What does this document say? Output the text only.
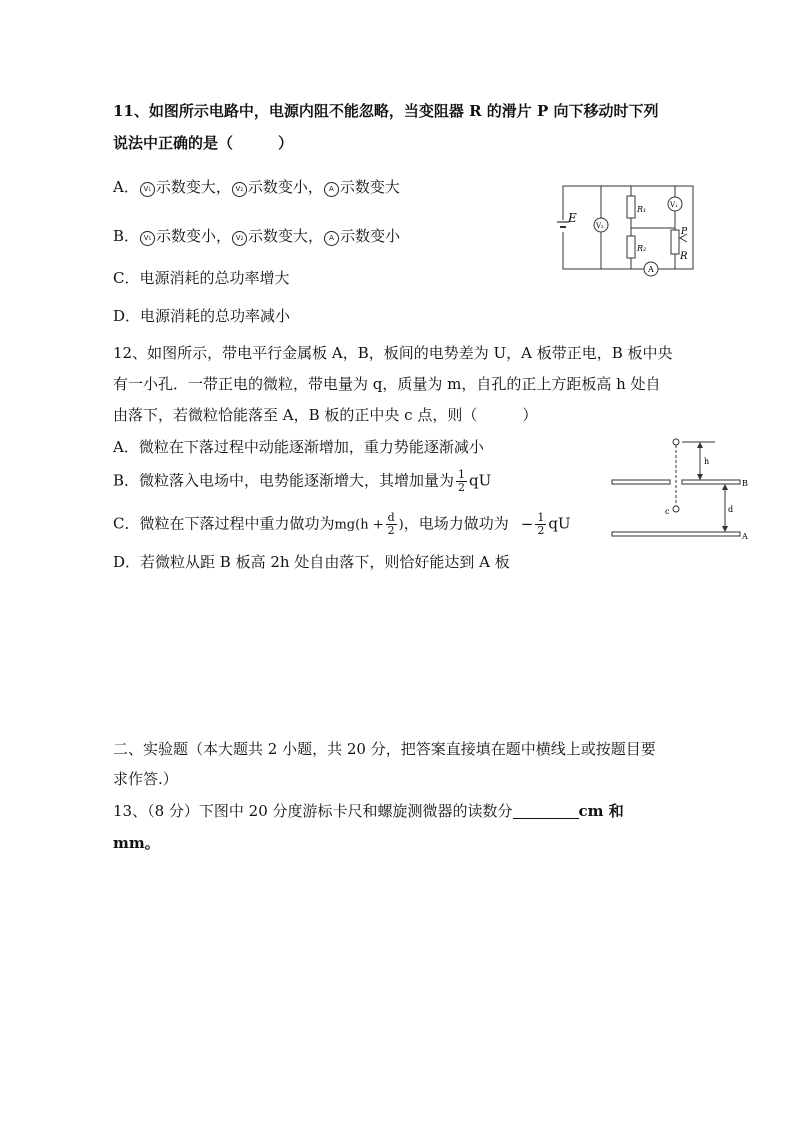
11、如图所示电路中，电源内阻不能忽略，当变阻器 R 的滑片 P 向下移动时下列
说法中正确的是（　　　）
A． V₁ 示数变大， V₂ 示数变小， A 示数变大
B． V₁ 示数变小， V₂ 示数变大， A 示数变小
C．电源消耗的总功率增大
D．电源消耗的总功率减小
E
V₂
R₁
R₂
V₁
P
R
A
12、如图所示，带电平行金属板 A，B，板间的电势差为 U，A 板带正电，B 板中央
有一小孔．一带正电的微粒，带电量为 q，质量为 m，自孔的正上方距板高 h 处自
由落下，若微粒恰能落至 A，B 板的正中央 c 点，则（　　　）
A．微粒在下落过程中动能逐渐增加，重力势能逐渐减小
B．微粒落入电场中，电势能逐渐增大，其增加量为 $\frac{1}{2}$ qU
C．微粒在下落过程中重力做功为$mg(h + \frac{d}{2}$ )，电场力做功为 − $\frac{1}{2}$ qU
D．若微粒从距 B 板高 2h 处自由落下，则恰好能达到 A 板
h
B
c	d
A
二、实验题（本大题共 2 小题，共 20 分，把答案直接填在题中横线上或按题目要
求作答.）
13、（8 分）下图中 20 分度游标卡尺和螺旋测微器的读数分	cm 和
mm。
